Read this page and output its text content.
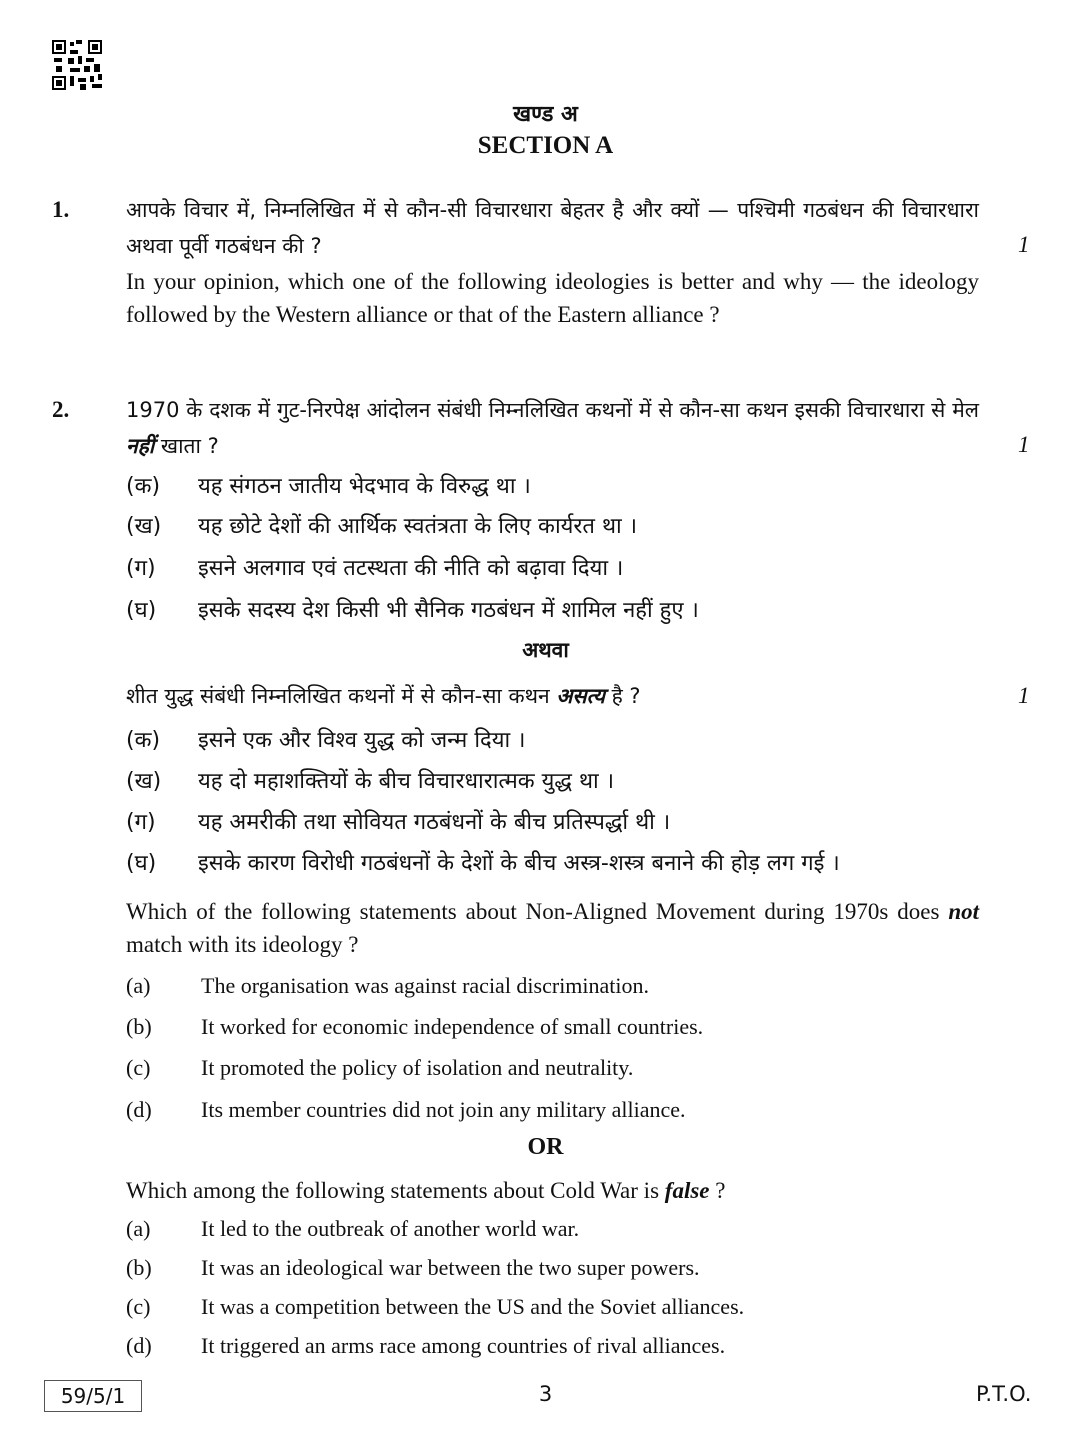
खण्ड अ
SECTION A
1.	आपके विचार में, निम्नलिखित में से कौन-सी विचारधारा बेहतर है और क्यों — पश्चिमी गठबंधन की विचारधारा अथवा पूर्वी गठबंधन की ?	1
In your opinion, which one of the following ideologies is better and why — the ideology followed by the Western alliance or that of the Eastern alliance ?
2.	1970 के दशक में गुट-निरपेक्ष आंदोलन संबंधी निम्नलिखित कथनों में से कौन-सा कथन इसकी विचारधारा से मेल नहीं खाता ?	1
(क) यह संगठन जातीय भेदभाव के विरुद्ध था ।
(ख) यह छोटे देशों की आर्थिक स्वतंत्रता के लिए कार्यरत था ।
(ग) इसने अलगाव एवं तटस्थता की नीति को बढ़ावा दिया ।
(घ) इसके सदस्य देश किसी भी सैनिक गठबंधन में शामिल नहीं हुए ।
अथवा
शीत युद्ध संबंधी निम्नलिखित कथनों में से कौन-सा कथन असत्य है ?	1
(क) इसने एक और विश्व युद्ध को जन्म दिया ।
(ख) यह दो महाशक्तियों के बीच विचारधारात्मक युद्ध था ।
(ग) यह अमरीकी तथा सोवियत गठबंधनों के बीच प्रतिस्पर्द्धा थी ।
(घ) इसके कारण विरोधी गठबंधनों के देशों के बीच अस्त्र-शस्त्र बनाने की होड़ लग गई ।
Which of the following statements about Non-Aligned Movement during 1970s does not match with its ideology ?
(a) The organisation was against racial discrimination.
(b) It worked for economic independence of small countries.
(c) It promoted the policy of isolation and neutrality.
(d) Its member countries did not join any military alliance.
OR
Which among the following statements about Cold War is false ?
(a) It led to the outbreak of another world war.
(b) It was an ideological war between the two super powers.
(c) It was a competition between the US and the Soviet alliances.
(d) It triggered an arms race among countries of rival alliances.
59/5/1	3	P.T.O.
